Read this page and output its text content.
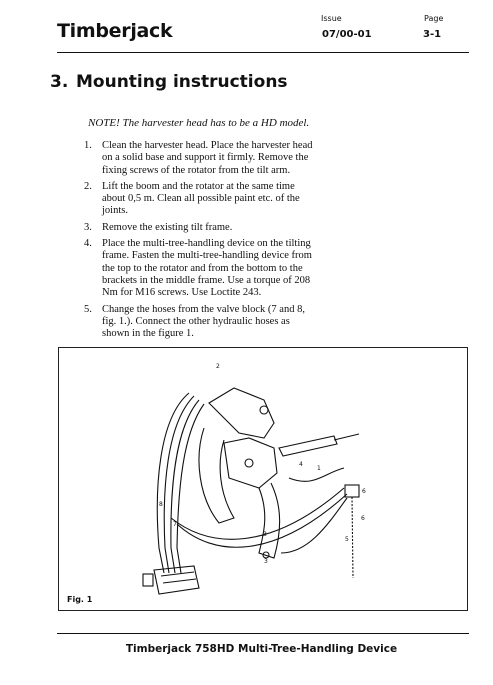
Timberjack
Issue
07/00-01
Page
3-1
3. Mounting instructions
NOTE! The harvester head has to be a HD model.
1. Clean the harvester head. Place the harvester head on a solid base and support it firmly. Remove the fixing screws of the rotator from the tilt arm.
2. Lift the boom and the rotator at the same time about 0,5 m. Clean all possible paint etc. of the joints.
3. Remove the existing tilt frame.
4. Place the multi-tree-handling device on the tilting frame. Fasten the multi-tree-handling device from the top to the rotator and from the bottom to the brackets in the middle frame. Use a torque of 208 Nm for M16 screws. Use Loctite 243.
5. Change the hoses from the valve block (7 and 8, fig. 1.). Connect the other hydraulic hoses as shown in the figure 1.
2
4
1
6
6
7
8
3
3
5
Fig. 1
Timberjack 758HD Multi-Tree-Handling Device
